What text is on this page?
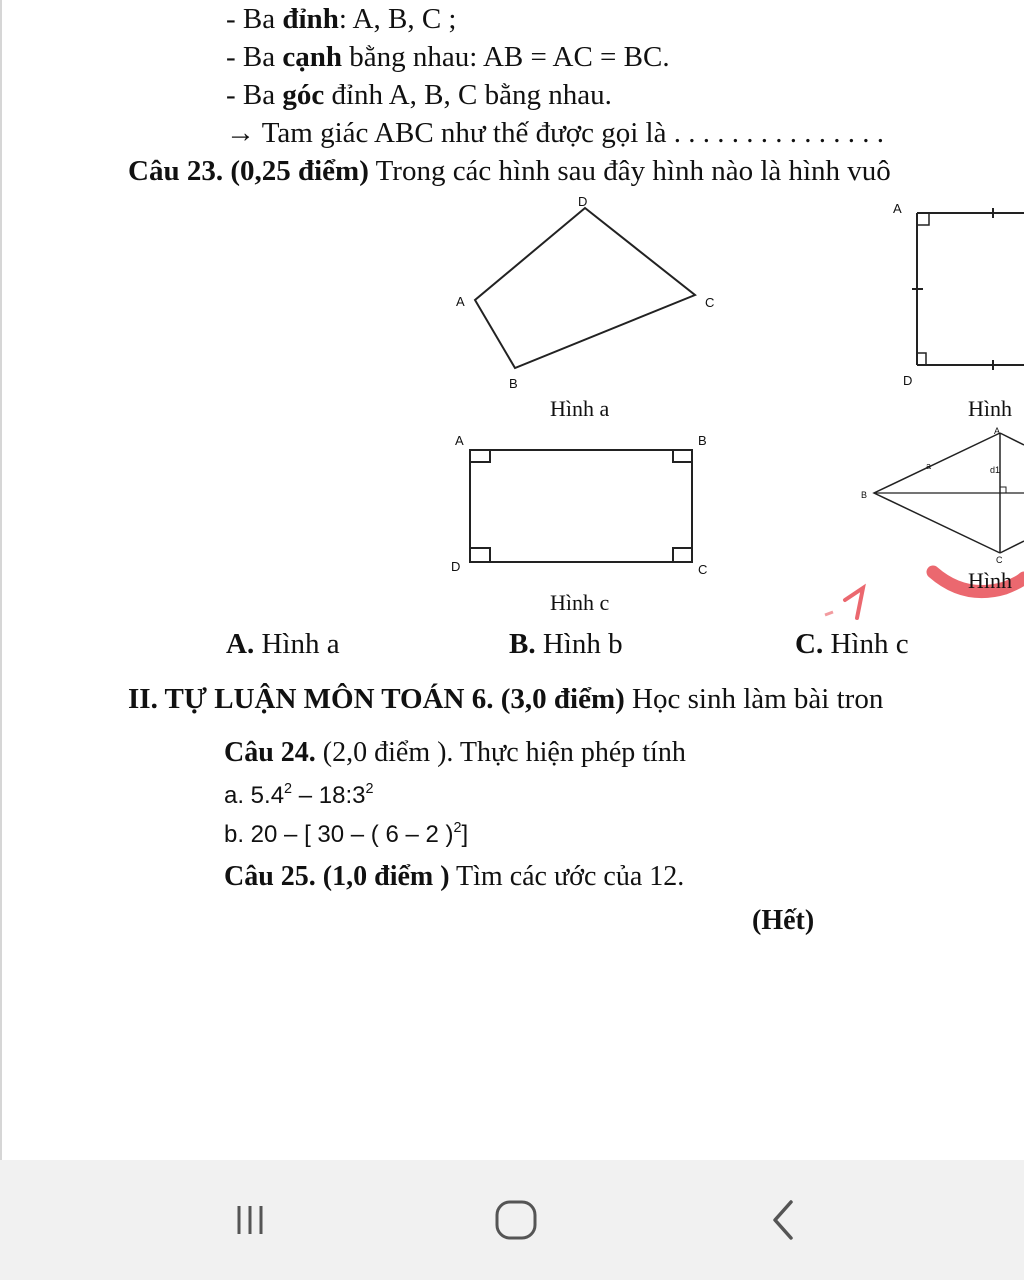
- Ba đỉnh: A, B, C ;
- Ba cạnh bằng nhau: AB = AC = BC.
- Ba góc đỉnh A, B, C bằng nhau.
→ Tam giác ABC như thế được gọi là . . . . . . . . . . . . . . .
Câu 23. (0,25 điểm) Trong các hình sau đây hình nào là hình vuô
D
A	C
B
Hình a
A
D
Hình
A	B
D	C
Hình c
A
B
C
d1
a
Hình
A. Hình a	B. Hình b	C. Hình c
II. TỰ LUẬN MÔN TOÁN 6. (3,0 điểm) Học sinh làm bài tron
Câu 24. (2,0 điểm ). Thực hiện phép tính
a. $5.4^2$ – $18:3^2$
b. 20 – [ 30 – ( 6 – 2 )$^2$]
Câu 25. (1,0 điểm ) Tìm các ước của 12.
(Hết)
